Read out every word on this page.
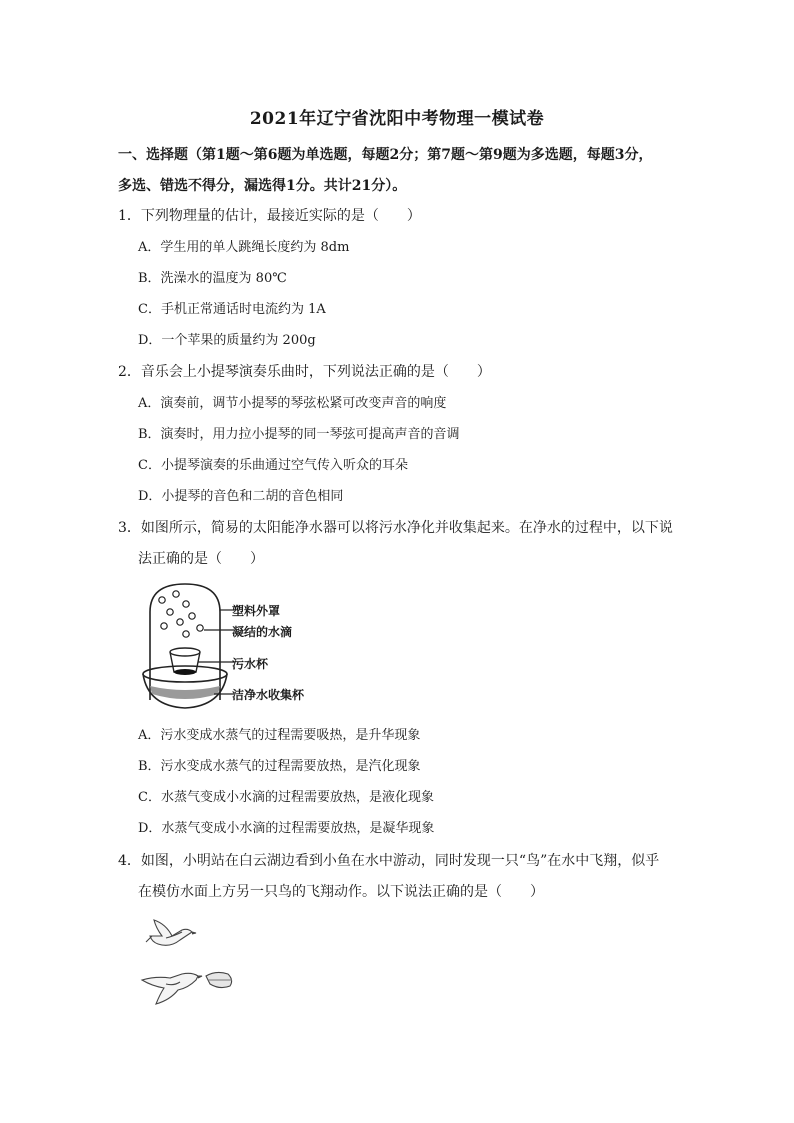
2021年辽宁省沈阳中考物理一模试卷
一、选择题（第1题～第6题为单选题，每题2分；第7题～第9题为多选题，每题3分，
多选、错选不得分，漏选得1分。共计21分）。
1．下列物理量的估计，最接近实际的是（　　）
A．学生用的单人跳绳长度约为 8dm
B．洗澡水的温度为 80℃
C．手机正常通话时电流约为 1A
D．一个苹果的质量约为 200g
2．音乐会上小提琴演奏乐曲时，下列说法正确的是（　　）
A．演奏前，调节小提琴的琴弦松紧可改变声音的响度
B．演奏时，用力拉小提琴的同一琴弦可提高声音的音调
C．小提琴演奏的乐曲通过空气传入听众的耳朵
D．小提琴的音色和二胡的音色相同
3．如图所示，简易的太阳能净水器可以将污水净化并收集起来。在净水的过程中，以下说
法正确的是（　　）
塑料外罩
凝结的水滴
污水杯
洁净水收集杯
A．污水变成水蒸气的过程需要吸热，是升华现象
B．污水变成水蒸气的过程需要放热，是汽化现象
C．水蒸气变成小水滴的过程需要放热，是液化现象
D．水蒸气变成小水滴的过程需要放热，是凝华现象
4．如图，小明站在白云湖边看到小鱼在水中游动，同时发现一只“鸟”在水中飞翔，似乎
在模仿水面上方另一只鸟的飞翔动作。以下说法正确的是（　　）
